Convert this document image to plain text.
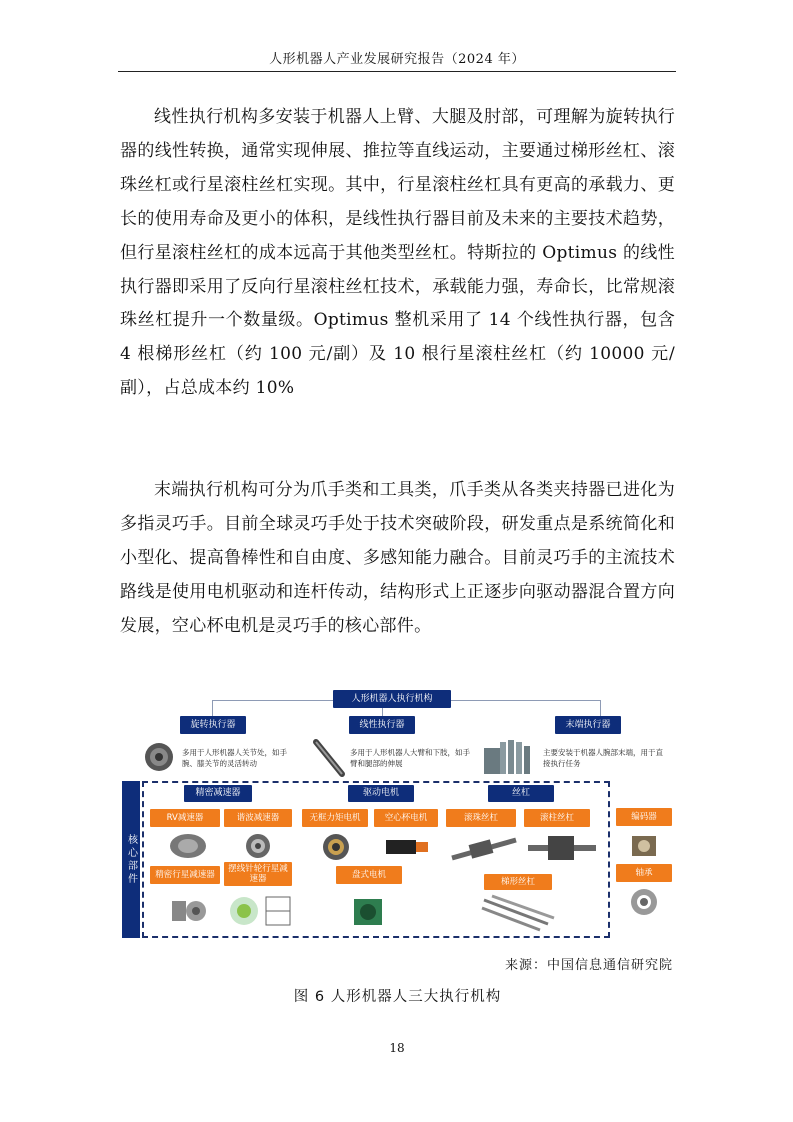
人形机器人产业发展研究报告（2024 年）

线性执行机构多安装于机器人上臂、大腿及肘部，可理解为旋转执行器的线性转换，通常实现伸展、推拉等直线运动，主要通过梯形丝杠、滚珠丝杠或行星滚柱丝杠实现。其中，行星滚柱丝杠具有更高的承载力、更长的使用寿命及更小的体积，是线性执行器目前及未来的主要技术趋势，但行星滚柱丝杠的成本远高于其他类型丝杠。特斯拉的 Optimus 的线性执行器即采用了反向行星滚柱丝杠技术，承载能力强，寿命长，比常规滚珠丝杠提升一个数量级。Optimus 整机采用了 14 个线性执行器，包含 4 根梯形丝杠（约 100 元/副）及 10 根行星滚柱丝杠（约 10000 元/副），占总成本约 10%

末端执行机构可分为爪手类和工具类，爪手类从各类夹持器已进化为多指灵巧手。目前全球灵巧手处于技术突破阶段，研发重点是系统简化和小型化、提高鲁棒性和自由度、多感知能力融合。目前灵巧手的主流技术路线是使用电机驱动和连杆传动，结构形式上正逐步向驱动器混合置方向发展，空心杯电机是灵巧手的核心部件。

人形机器人执行机构
旋转执行器	线性执行器	末端执行器
多用于人形机器人关节处，如手腕、膝关节的灵活转动
多用于人形机器人大臂和下肢，如手臂和腿部的伸展
主要安装于机器人腕部末端，用于直接执行任务
核心部件
精密减速器	驱动电机	丝杠
RV减速器	谐波减速器
精密行星减速器
摆线针轮行星减速器
无框力矩电机	空心杯电机
盘式电机
滚珠丝杠	滚柱丝杠
梯形丝杠
编码器
轴承
来源：中国信息通信研究院
图 6 人形机器人三大执行机构
18
